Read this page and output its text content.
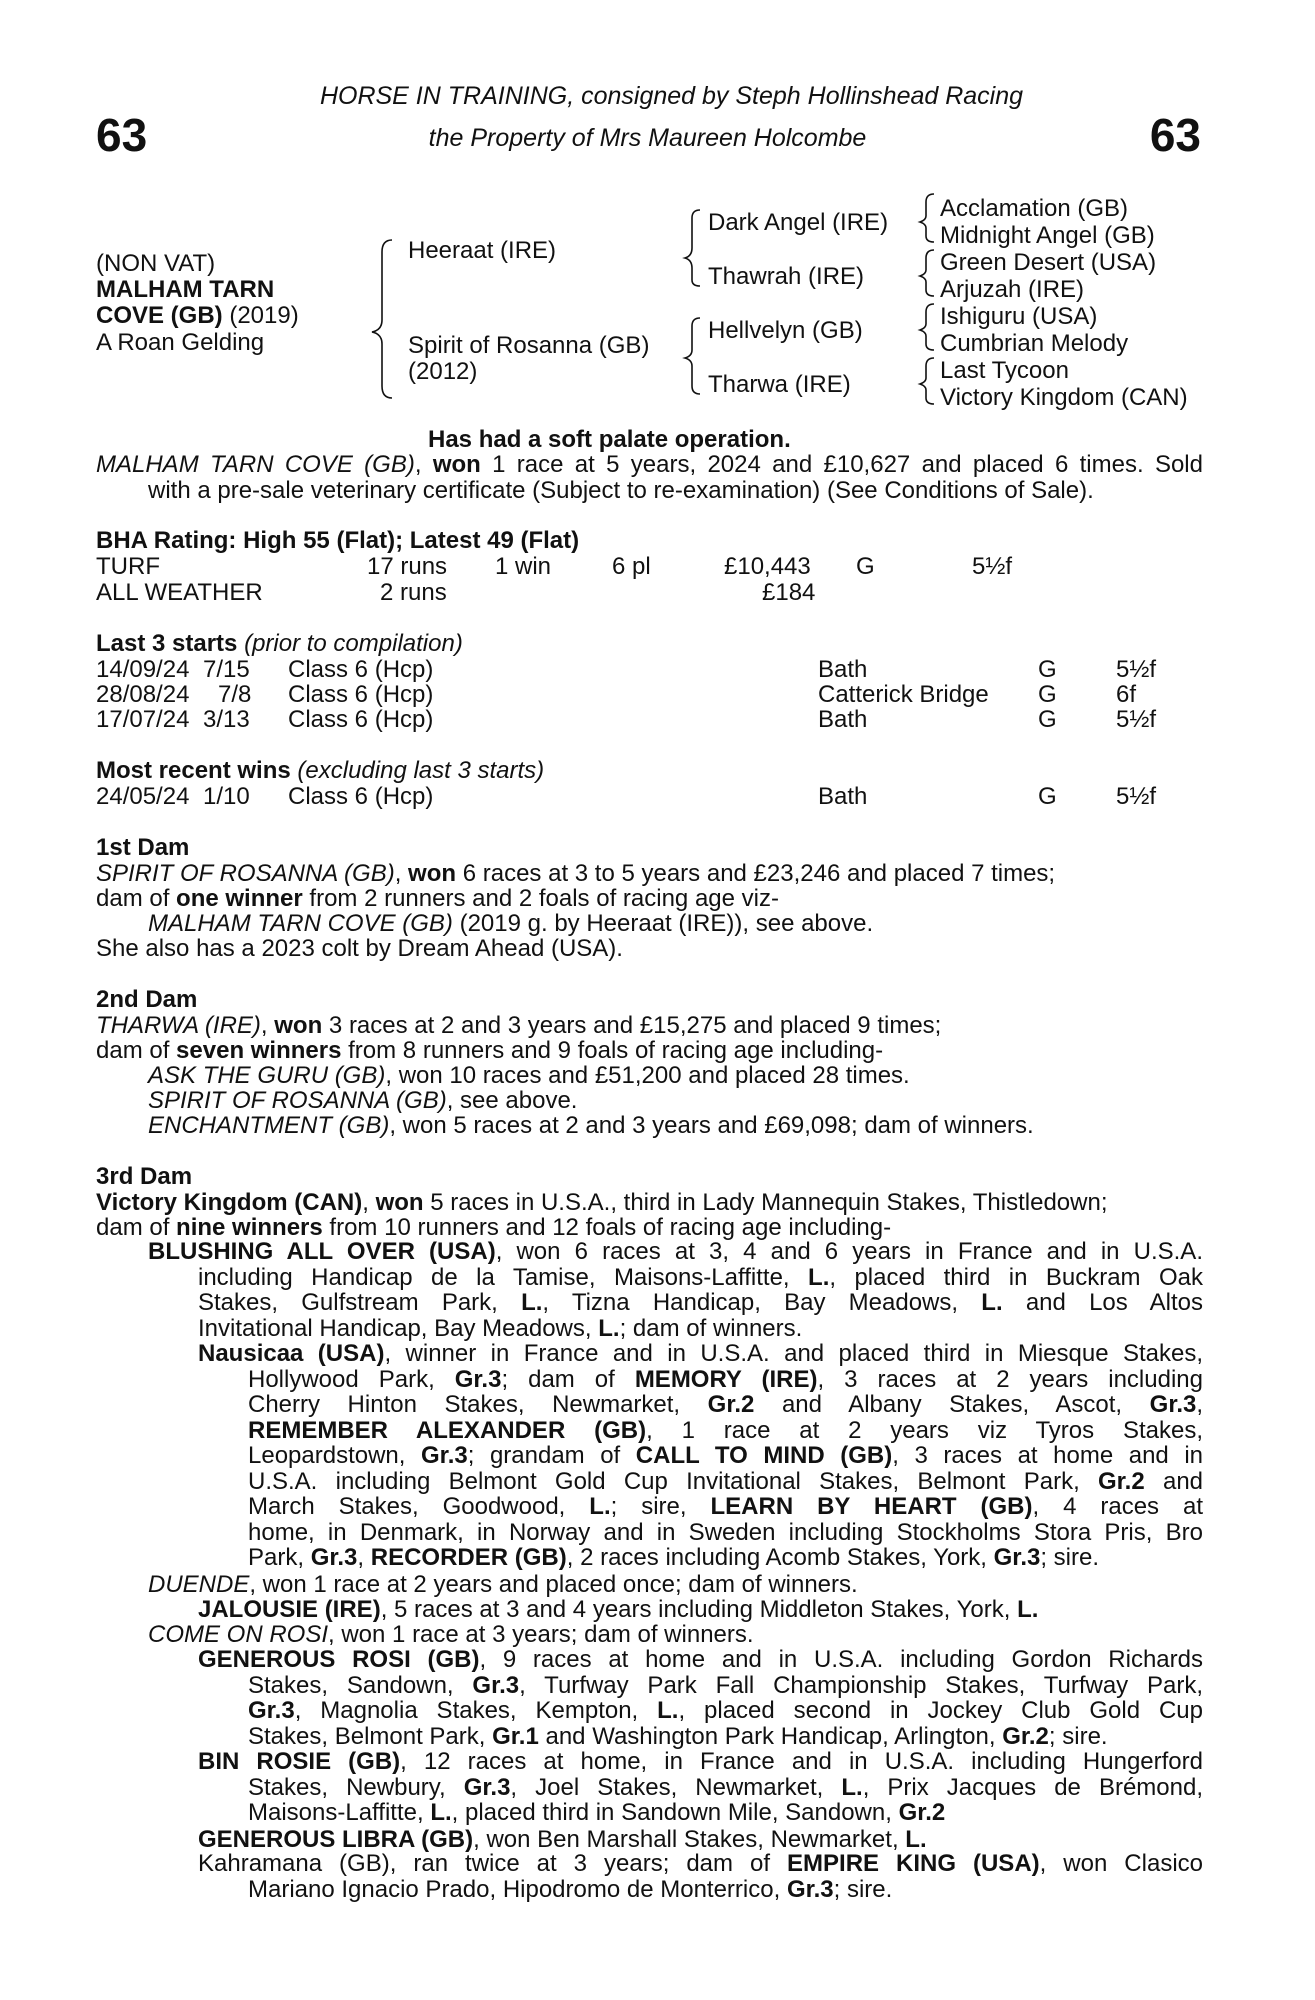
63	63
HORSE IN TRAINING, consigned by Steph Hollinshead Racing
the Property of Mrs Maureen Holcombe
(NON VAT)
MALHAM TARN
COVE (GB) (2019)
A Roan Gelding
Heeraat (IRE)
Spirit of Rosanna (GB)
(2012)
Dark Angel (IRE)
Thawrah (IRE)
Hellvelyn (GB)
Tharwa (IRE)
Acclamation (GB)
Midnight Angel (GB)
Green Desert (USA)
Arjuzah (IRE)
Ishiguru (USA)
Cumbrian Melody
Last Tycoon
Victory Kingdom (CAN)
Has had a soft palate operation.
MALHAM TARN COVE (GB), won 1 race at 5 years, 2024 and £10,627 and placed 6 times. Sold
with a pre-sale veterinary certificate (Subject to re-examination) (See Conditions of Sale).
BHA Rating: High 55 (Flat); Latest 49 (Flat)
TURF	17 runs 1 win	6 pl	£10,443 G	5½f
ALL WEATHER	2 runs	£184
Last 3 starts (prior to compilation)
14/09/24 7/15 Class 6 (Hcp)	Bath	G 5½f
28/08/24 7/8 Class 6 (Hcp)	Catterick Bridge G 6f
17/07/24 3/13 Class 6 (Hcp)	Bath	G 5½f
Most recent wins (excluding last 3 starts)
24/05/24 1/10 Class 6 (Hcp)	Bath	G 5½f
1st Dam
SPIRIT OF ROSANNA (GB), won 6 races at 3 to 5 years and £23,246 and placed 7 times;
dam of one winner from 2 runners and 2 foals of racing age viz-
MALHAM TARN COVE (GB) (2019 g. by Heeraat (IRE)), see above.
She also has a 2023 colt by Dream Ahead (USA).
2nd Dam
THARWA (IRE), won 3 races at 2 and 3 years and £15,275 and placed 9 times;
dam of seven winners from 8 runners and 9 foals of racing age including-
ASK THE GURU (GB), won 10 races and £51,200 and placed 28 times.
SPIRIT OF ROSANNA (GB), see above.
ENCHANTMENT (GB), won 5 races at 2 and 3 years and £69,098; dam of winners.
3rd Dam
Victory Kingdom (CAN), won 5 races in U.S.A., third in Lady Mannequin Stakes, Thistledown;
dam of nine winners from 10 runners and 12 foals of racing age including-
BLUSHING ALL OVER (USA), won 6 races at 3, 4 and 6 years in France and in U.S.A.
including Handicap de la Tamise, Maisons-Laffitte, L., placed third in Buckram Oak
Stakes, Gulfstream Park, L., Tizna Handicap, Bay Meadows, L. and Los Altos
Invitational Handicap, Bay Meadows, L.; dam of winners.
Nausicaa (USA), winner in France and in U.S.A. and placed third in Miesque Stakes,
Hollywood Park, Gr.3; dam of MEMORY (IRE), 3 races at 2 years including
Cherry Hinton Stakes, Newmarket, Gr.2 and Albany Stakes, Ascot, Gr.3,
REMEMBER ALEXANDER (GB), 1 race at 2 years viz Tyros Stakes,
Leopardstown, Gr.3; grandam of CALL TO MIND (GB), 3 races at home and in
U.S.A. including Belmont Gold Cup Invitational Stakes, Belmont Park, Gr.2 and
March Stakes, Goodwood, L.; sire, LEARN BY HEART (GB), 4 races at
home, in Denmark, in Norway and in Sweden including Stockholms Stora Pris, Bro
Park, Gr.3, RECORDER (GB), 2 races including Acomb Stakes, York, Gr.3; sire.
DUENDE, won 1 race at 2 years and placed once; dam of winners.
JALOUSIE (IRE), 5 races at 3 and 4 years including Middleton Stakes, York, L.
COME ON ROSI, won 1 race at 3 years; dam of winners.
GENEROUS ROSI (GB), 9 races at home and in U.S.A. including Gordon Richards
Stakes, Sandown, Gr.3, Turfway Park Fall Championship Stakes, Turfway Park,
Gr.3, Magnolia Stakes, Kempton, L., placed second in Jockey Club Gold Cup
Stakes, Belmont Park, Gr.1 and Washington Park Handicap, Arlington, Gr.2; sire.
BIN ROSIE (GB), 12 races at home, in France and in U.S.A. including Hungerford
Stakes, Newbury, Gr.3, Joel Stakes, Newmarket, L., Prix Jacques de Brémond,
Maisons-Laffitte, L., placed third in Sandown Mile, Sandown, Gr.2
GENEROUS LIBRA (GB), won Ben Marshall Stakes, Newmarket, L.
Kahramana (GB), ran twice at 3 years; dam of EMPIRE KING (USA), won Clasico
Mariano Ignacio Prado, Hipodromo de Monterrico, Gr.3; sire.
